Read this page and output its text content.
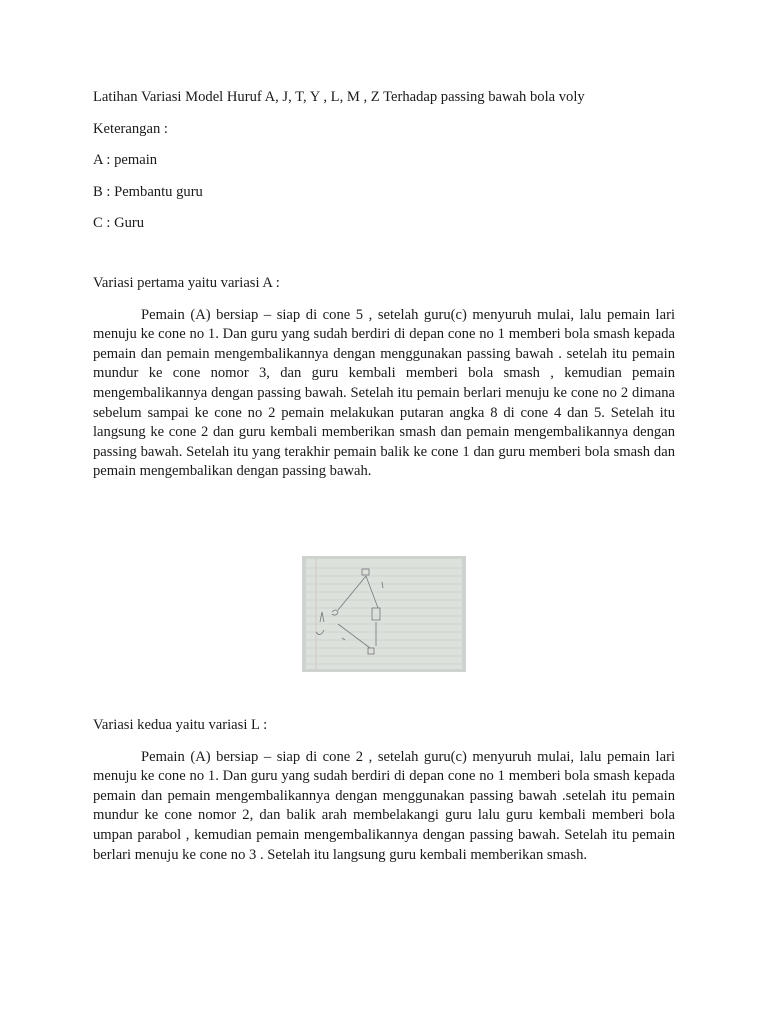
Latihan Variasi Model Huruf A, J, T, Y , L, M , Z Terhadap passing bawah bola voly

Keterangan :

A : pemain

B : Pembantu guru

C : Guru

Variasi pertama yaitu variasi A :

Pemain (A) bersiap – siap di cone 5 , setelah guru(c) menyuruh mulai, lalu pemain lari menuju ke cone no 1. Dan guru yang sudah berdiri di depan cone no 1 memberi bola smash kepada pemain dan pemain mengembalikannya dengan menggunakan passing bawah . setelah itu pemain mundur ke cone nomor 3, dan guru kembali memberi bola smash , kemudian pemain mengembalikannya dengan passing bawah. Setelah itu pemain berlari menuju ke cone no 2 dimana sebelum sampai ke cone no 2 pemain melakukan putaran angka 8 di cone 4 dan 5. Setelah itu langsung ke cone 2 dan guru kembali memberikan smash dan pemain mengembalikannya dengan passing bawah. Setelah itu yang terakhir pemain balik ke cone 1 dan guru memberi bola smash dan pemain mengembalikan dengan passing bawah.

Variasi kedua yaitu variasi L :

Pemain (A) bersiap – siap di cone 2 , setelah guru(c) menyuruh mulai, lalu pemain lari menuju ke cone no 1. Dan guru yang sudah berdiri di depan cone no 1 memberi bola smash kepada pemain dan pemain mengembalikannya dengan menggunakan passing bawah .setelah itu pemain mundur ke cone nomor 2, dan balik arah membelakangi guru lalu guru kembali memberi bola umpan parabol , kemudian pemain mengembalikannya dengan passing bawah. Setelah itu pemain berlari menuju ke cone no 3 . Setelah itu langsung guru kembali memberikan smash.
